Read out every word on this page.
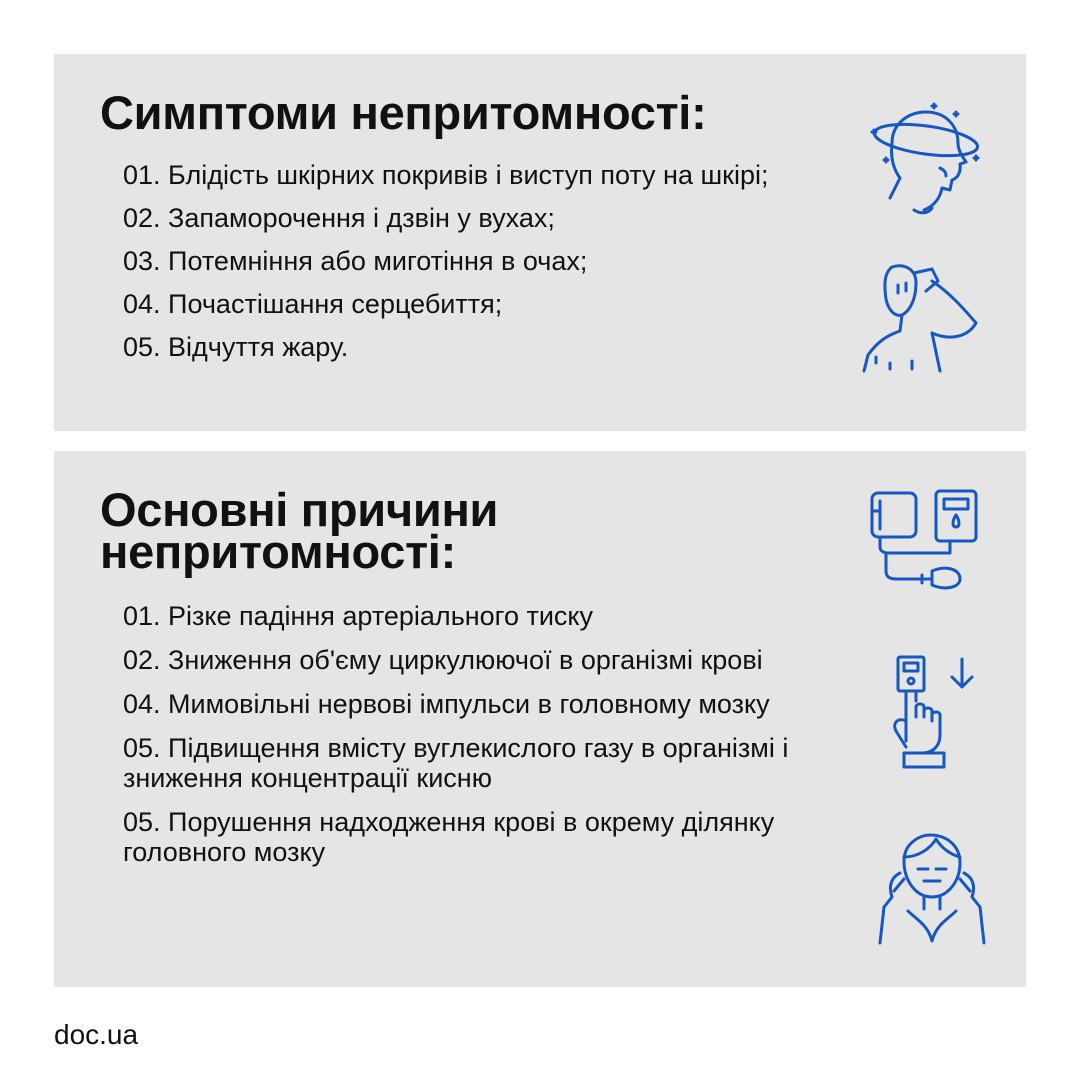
Симптоми непритомності:
01. Блідість шкірних покривів і виступ поту на шкірі;
02. Запаморочення і дзвін у вухах;
03. Потемніння або миготіння в очах;
04. Почастішання серцебиття;
05. Відчуття жару.
Основні причини непритомності:
01. Різке падіння артеріального тиску
02. Зниження об'єму циркулюючої в організмі крові
04. Мимовільні нервові імпульси в головному мозку
05. Підвищення вмісту вуглекислого газу в організмі і зниження концентрації кисню
05. Порушення надходження крові в окрему ділянку головного мозку
doc.ua
